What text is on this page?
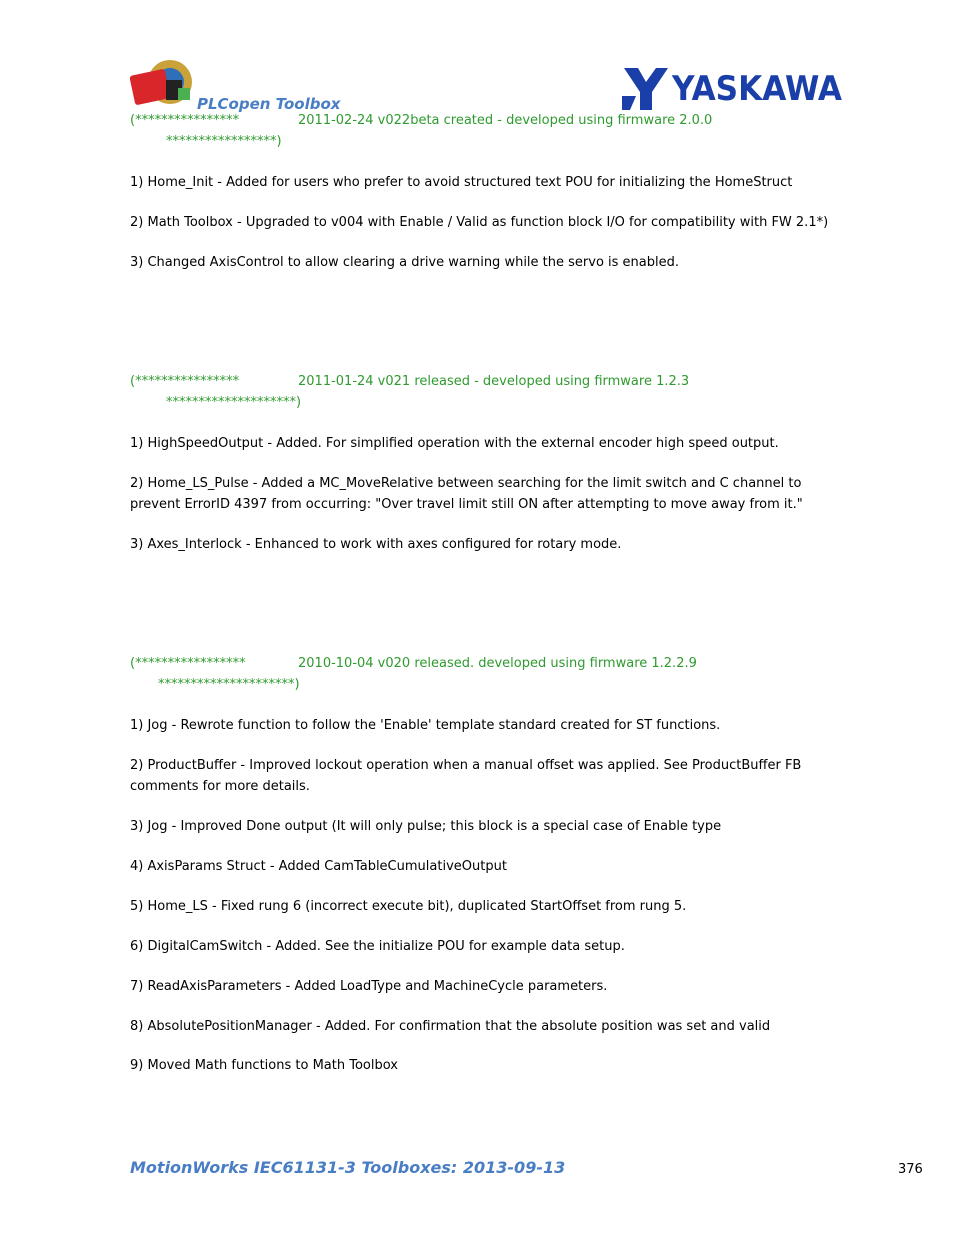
PLCopen Toolbox	YASKAWA
(****************	2011-02-24 v022beta created - developed using firmware 2.0.0
*****************)
1) Home_Init - Added for users who prefer to avoid structured text POU for initializing the HomeStruct
2) Math Toolbox - Upgraded to v004 with Enable / Valid as function block I/O for compatibility with FW 2.1*)
3) Changed AxisControl to allow clearing a drive warning while the servo is enabled.
(****************	2011-01-24 v021 released - developed using firmware 1.2.3
********************)
1) HighSpeedOutput - Added. For simplified operation with the external encoder high speed output.
2) Home_LS_Pulse - Added a MC_MoveRelative between searching for the limit switch and C channel to prevent ErrorID 4397 from occurring: "Over travel limit still ON after attempting to move away from it."
3) Axes_Interlock - Enhanced to work with axes configured for rotary mode.
(*****************	2010-10-04 v020 released. developed using firmware 1.2.2.9
*********************)
1) Jog - Rewrote function to follow the 'Enable' template standard created for ST functions.
2) ProductBuffer - Improved lockout operation when a manual offset was applied. See ProductBuffer FB comments for more details.
3) Jog - Improved Done output (It will only pulse; this block is a special case of Enable type
4) AxisParams Struct - Added CamTableCumulativeOutput
5) Home_LS - Fixed rung 6 (incorrect execute bit), duplicated StartOffset from rung 5.
6) DigitalCamSwitch - Added. See the initialize POU for example data setup.
7) ReadAxisParameters - Added LoadType and MachineCycle parameters.
8) AbsolutePositionManager - Added. For confirmation that the absolute position was set and valid
9) Moved Math functions to Math Toolbox
MotionWorks IEC61131-3 Toolboxes: 2013-09-13	376
